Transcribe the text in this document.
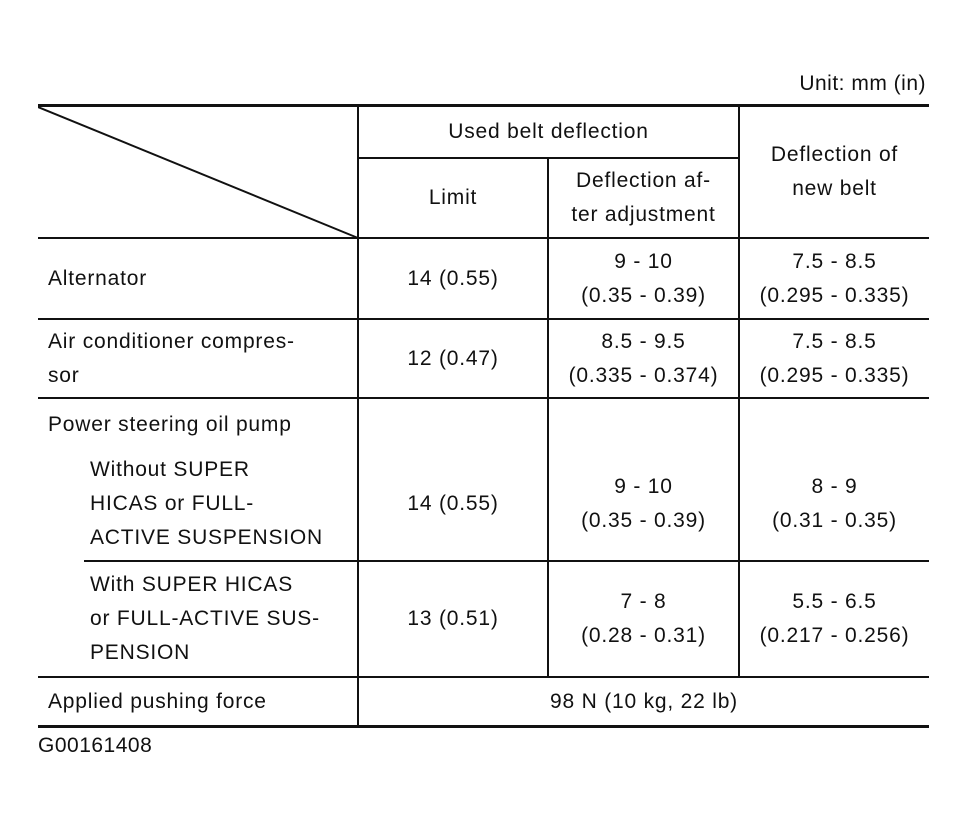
Unit: mm (in)
Used belt deflection
Limit
Deflection af-
ter adjustment
Deflection of
new belt
Alternator	14 (0.55)
9 - 10
(0.35 - 0.39)
7.5 - 8.5
(0.295 - 0.335)
Air conditioner compres-
sor
12 (0.47)
8.5 - 9.5
(0.335 - 0.374)
7.5 - 8.5
(0.295 - 0.335)
Power steering oil pump
Without SUPER
HICAS or FULL-
ACTIVE SUSPENSION
14 (0.55)
9 - 10
(0.35 - 0.39)
8 - 9
(0.31 - 0.35)
With SUPER HICAS
or FULL-ACTIVE SUS-
PENSION
13 (0.51)
7 - 8
(0.28 - 0.31)
5.5 - 6.5
(0.217 - 0.256)
Applied pushing force	98 N (10 kg, 22 lb)
G00161408
